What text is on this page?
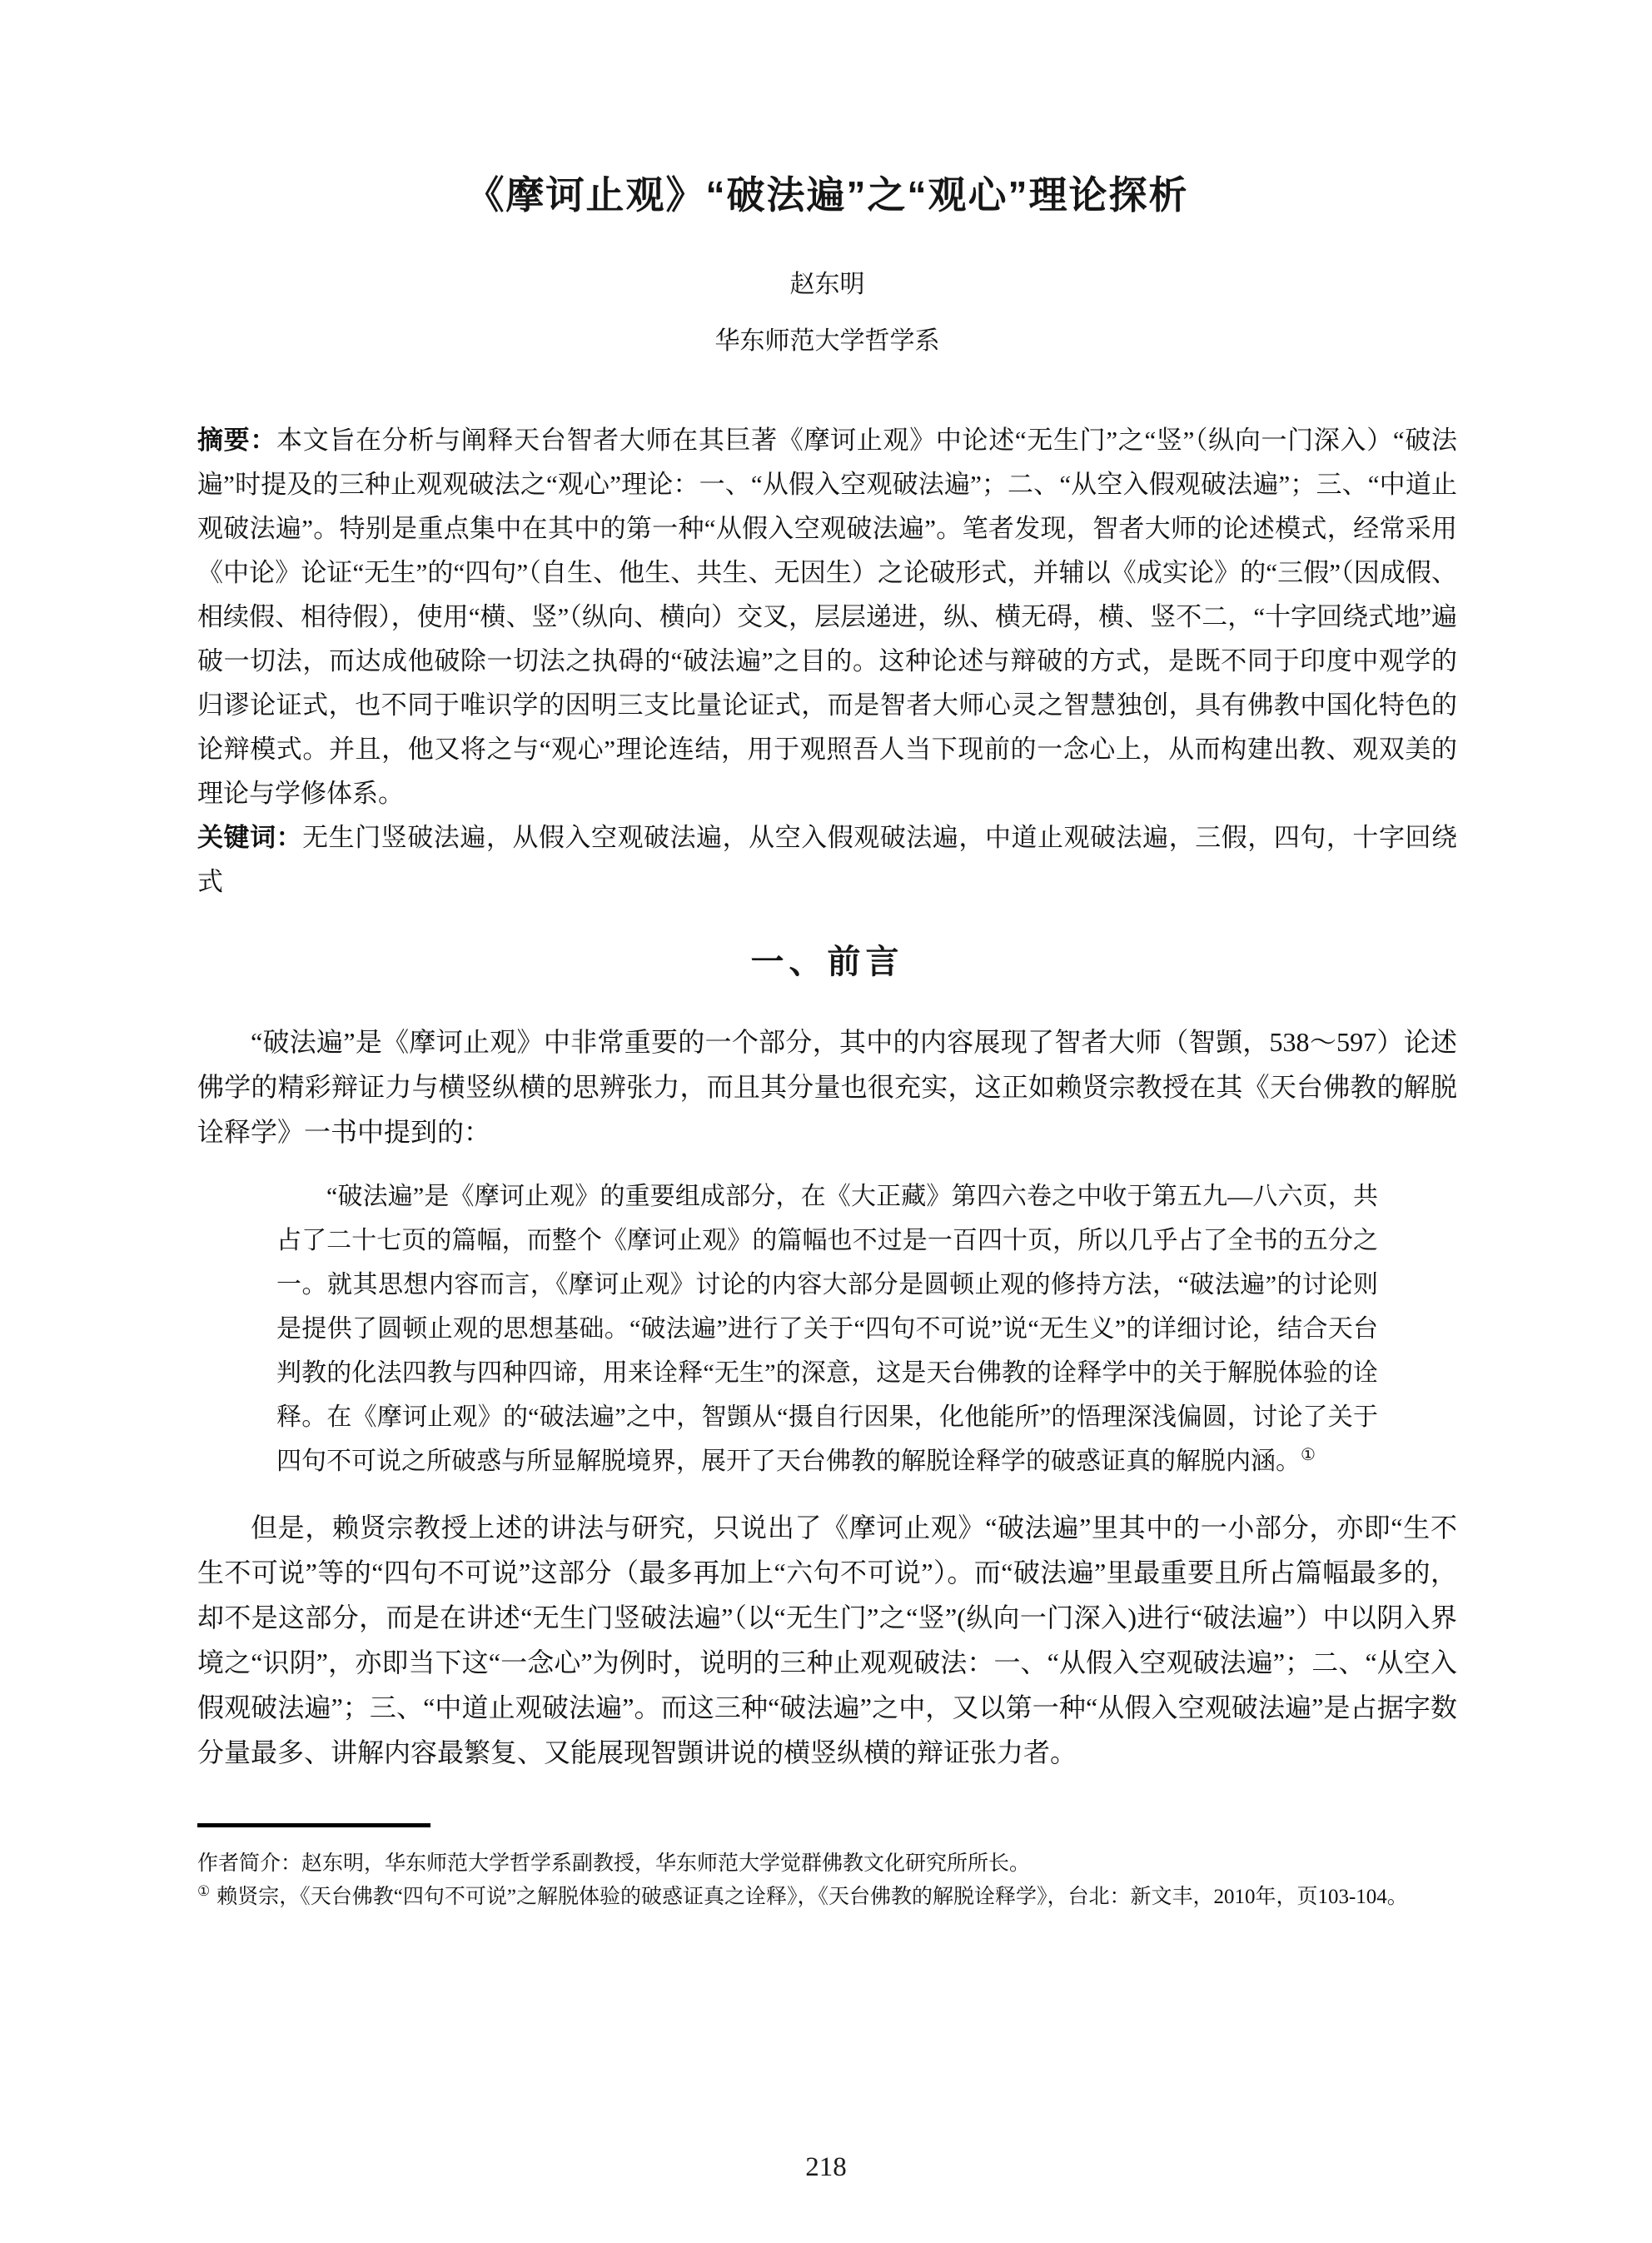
《摩诃止观》“破法遍”之“观心”理论探析

赵东明

华东师范大学哲学系

摘要：本文旨在分析与阐释天台智者大师在其巨著《摩诃止观》中论述“无生门”之“竖”（纵向一门深入）“破法遍”时提及的三种止观观破法之“观心”理论：一、“从假入空观破法遍”；二、“从空入假观破法遍”；三、“中道止观破法遍”。特别是重点集中在其中的第一种“从假入空观破法遍”。笔者发现，智者大师的论述模式，经常采用《中论》论证“无生”的“四句”（自生、他生、共生、无因生）之论破形式，并辅以《成实论》的“三假”（因成假、相续假、相待假），使用“横、竖”（纵向、横向）交叉，层层递进，纵、横无碍，横、竖不二，“十字回绕式地”遍破一切法，而达成他破除一切法之执碍的“破法遍”之目的。这种论述与辩破的方式，是既不同于印度中观学的归谬论证式，也不同于唯识学的因明三支比量论证式，而是智者大师心灵之智慧独创，具有佛教中国化特色的论辩模式。并且，他又将之与“观心”理论连结，用于观照吾人当下现前的一念心上，从而构建出教、观双美的理论与学修体系。

关键词：无生门竖破法遍，从假入空观破法遍，从空入假观破法遍，中道止观破法遍，三假，四句，十字回绕式

一、前言

“破法遍”是《摩诃止观》中非常重要的一个部分，其中的内容展现了智者大师（智顗，538～597）论述佛学的精彩辩证力与横竖纵横的思辨张力，而且其分量也很充实，这正如赖贤宗教授在其《天台佛教的解脱诠释学》一书中提到的：

“破法遍”是《摩诃止观》的重要组成部分，在《大正藏》第四六卷之中收于第五九—八六页，共占了二十七页的篇幅，而整个《摩诃止观》的篇幅也不过是一百四十页，所以几乎占了全书的五分之一。就其思想内容而言，《摩诃止观》讨论的内容大部分是圆顿止观的修持方法，“破法遍”的讨论则是提供了圆顿止观的思想基础。“破法遍”进行了关于“四句不可说”说“无生义”的详细讨论，结合天台判教的化法四教与四种四谛，用来诠释“无生”的深意，这是天台佛教的诠释学中的关于解脱体验的诠释。在《摩诃止观》的“破法遍”之中，智顗从“摄自行因果，化他能所”的悟理深浅偏圆，讨论了关于四句不可说之所破惑与所显解脱境界，展开了天台佛教的解脱诠释学的破惑证真的解脱内涵。①

但是，赖贤宗教授上述的讲法与研究，只说出了《摩诃止观》“破法遍”里其中的一小部分，亦即“生不生不可说”等的“四句不可说”这部分（最多再加上“六句不可说”）。而“破法遍”里最重要且所占篇幅最多的，却不是这部分，而是在讲述“无生门竖破法遍”（以“无生门”之“竖”(纵向一门深入)进行“破法遍”）中以阴入界境之“识阴”，亦即当下这“一念心”为例时，说明的三种止观观破法：一、“从假入空观破法遍”；二、“从空入假观破法遍”；三、“中道止观破法遍”。而这三种“破法遍”之中，又以第一种“从假入空观破法遍”是占据字数分量最多、讲解内容最繁复、又能展现智顗讲说的横竖纵横的辩证张力者。

作者简介：赵东明，华东师范大学哲学系副教授，华东师范大学觉群佛教文化研究所所长。

① 赖贤宗，《天台佛教“四句不可说”之解脱体验的破惑证真之诠释》，《天台佛教的解脱诠释学》，台北：新文丰，2010年，页103-104。

218
